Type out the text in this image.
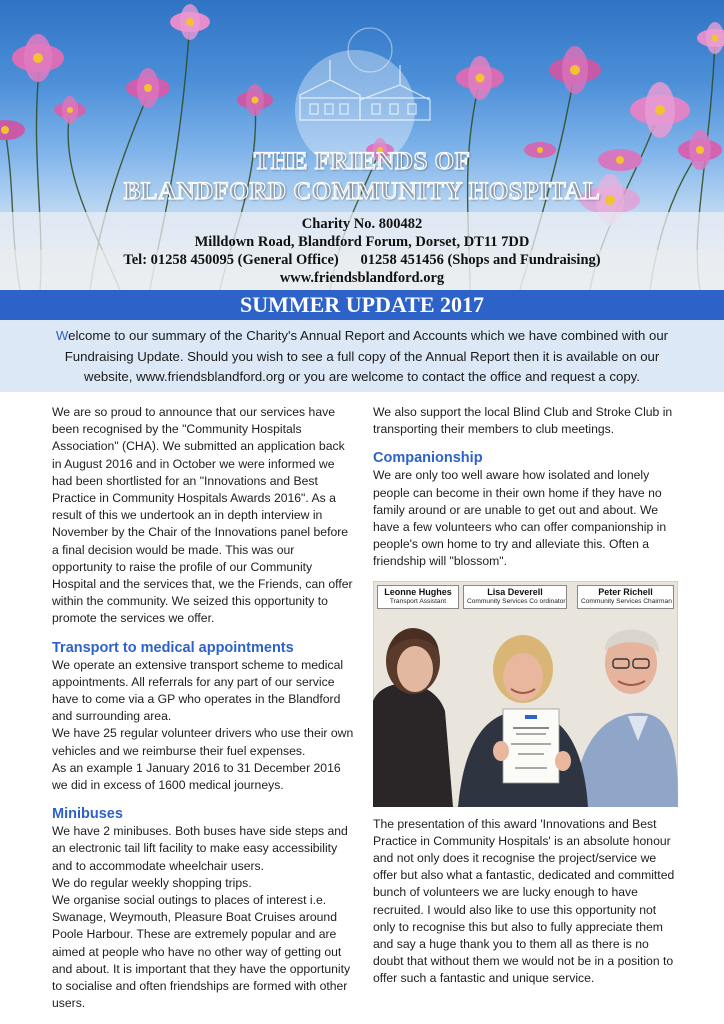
THE FRIENDS OF
BLANDFORD COMMUNITY HOSPITAL
Charity No. 800482
Milldown Road, Blandford Forum, Dorset, DT11 7DD
Tel: 01258 450095 (General Office)      01258 451456 (Shops and Fundraising)
www.friendsblandford.org
SUMMER UPDATE 2017
Welcome to our summary of the Charity's Annual Report and Accounts which we have combined with our Fundraising Update. Should you wish to see a full copy of the Annual Report then it is available on our website, www.friendsblandford.org or you are welcome to contact the office and request a copy.

We are so proud to announce that our services have been recognised by the "Community Hospitals Association" (CHA). We submitted an application back in August 2016 and in October we were informed we had been shortlisted for an "Innovations and Best Practice in Community Hospitals Awards 2016". As a result of this we undertook an in depth interview in November by the Chair of the Innovations panel before a final decision would be made. This was our opportunity to raise the profile of our Community Hospital and the services that, we the Friends, can offer within the community. We seized this opportunity to promote the services we offer.

Transport to medical appointments

We operate an extensive transport scheme to medical appointments. All referrals for any part of our service have to come via a GP who operates in the Blandford and surrounding area.

We have 25 regular volunteer drivers who use their own vehicles and we reimburse their fuel expenses.

As an example 1 January 2016 to 31 December 2016 we did in excess of 1600 medical journeys.

Minibuses

We have 2 minibuses. Both buses have side steps and an electronic tail lift facility to make easy accessibility and to accommodate wheelchair users.

We do regular weekly shopping trips.

We organise social outings to places of interest i.e. Swanage, Weymouth, Pleasure Boat Cruises around Poole Harbour. These are extremely popular and are aimed at people who have no other way of getting out and about. It is important that they have the opportunity to socialise and often friendships are formed with other users.

We also support the local Blind Club and Stroke Club in transporting their members to club meetings.

Companionship

We are only too well aware how isolated and lonely people can become in their own home if they have no family around or are unable to get out and about. We have a few volunteers who can offer companionship in people's own home to try and alleviate this. Often a friendship will "blossom".

Leonne Hughes
Transport Assistant
Lisa Deverell
Community Services Co ordinator
Peter Richell
Community Services Chairman

The presentation of this award 'Innovations and Best Practice in Community Hospitals' is an absolute honour and not only does it recognise the project/service we offer but also what a fantastic, dedicated and committed bunch of volunteers we are lucky enough to have recruited. I would also like to use this opportunity not only to recognise this but also to fully appreciate them and say a huge thank you to them all as there is no doubt that without them we would not be in a position to offer such a fantastic and unique service.
